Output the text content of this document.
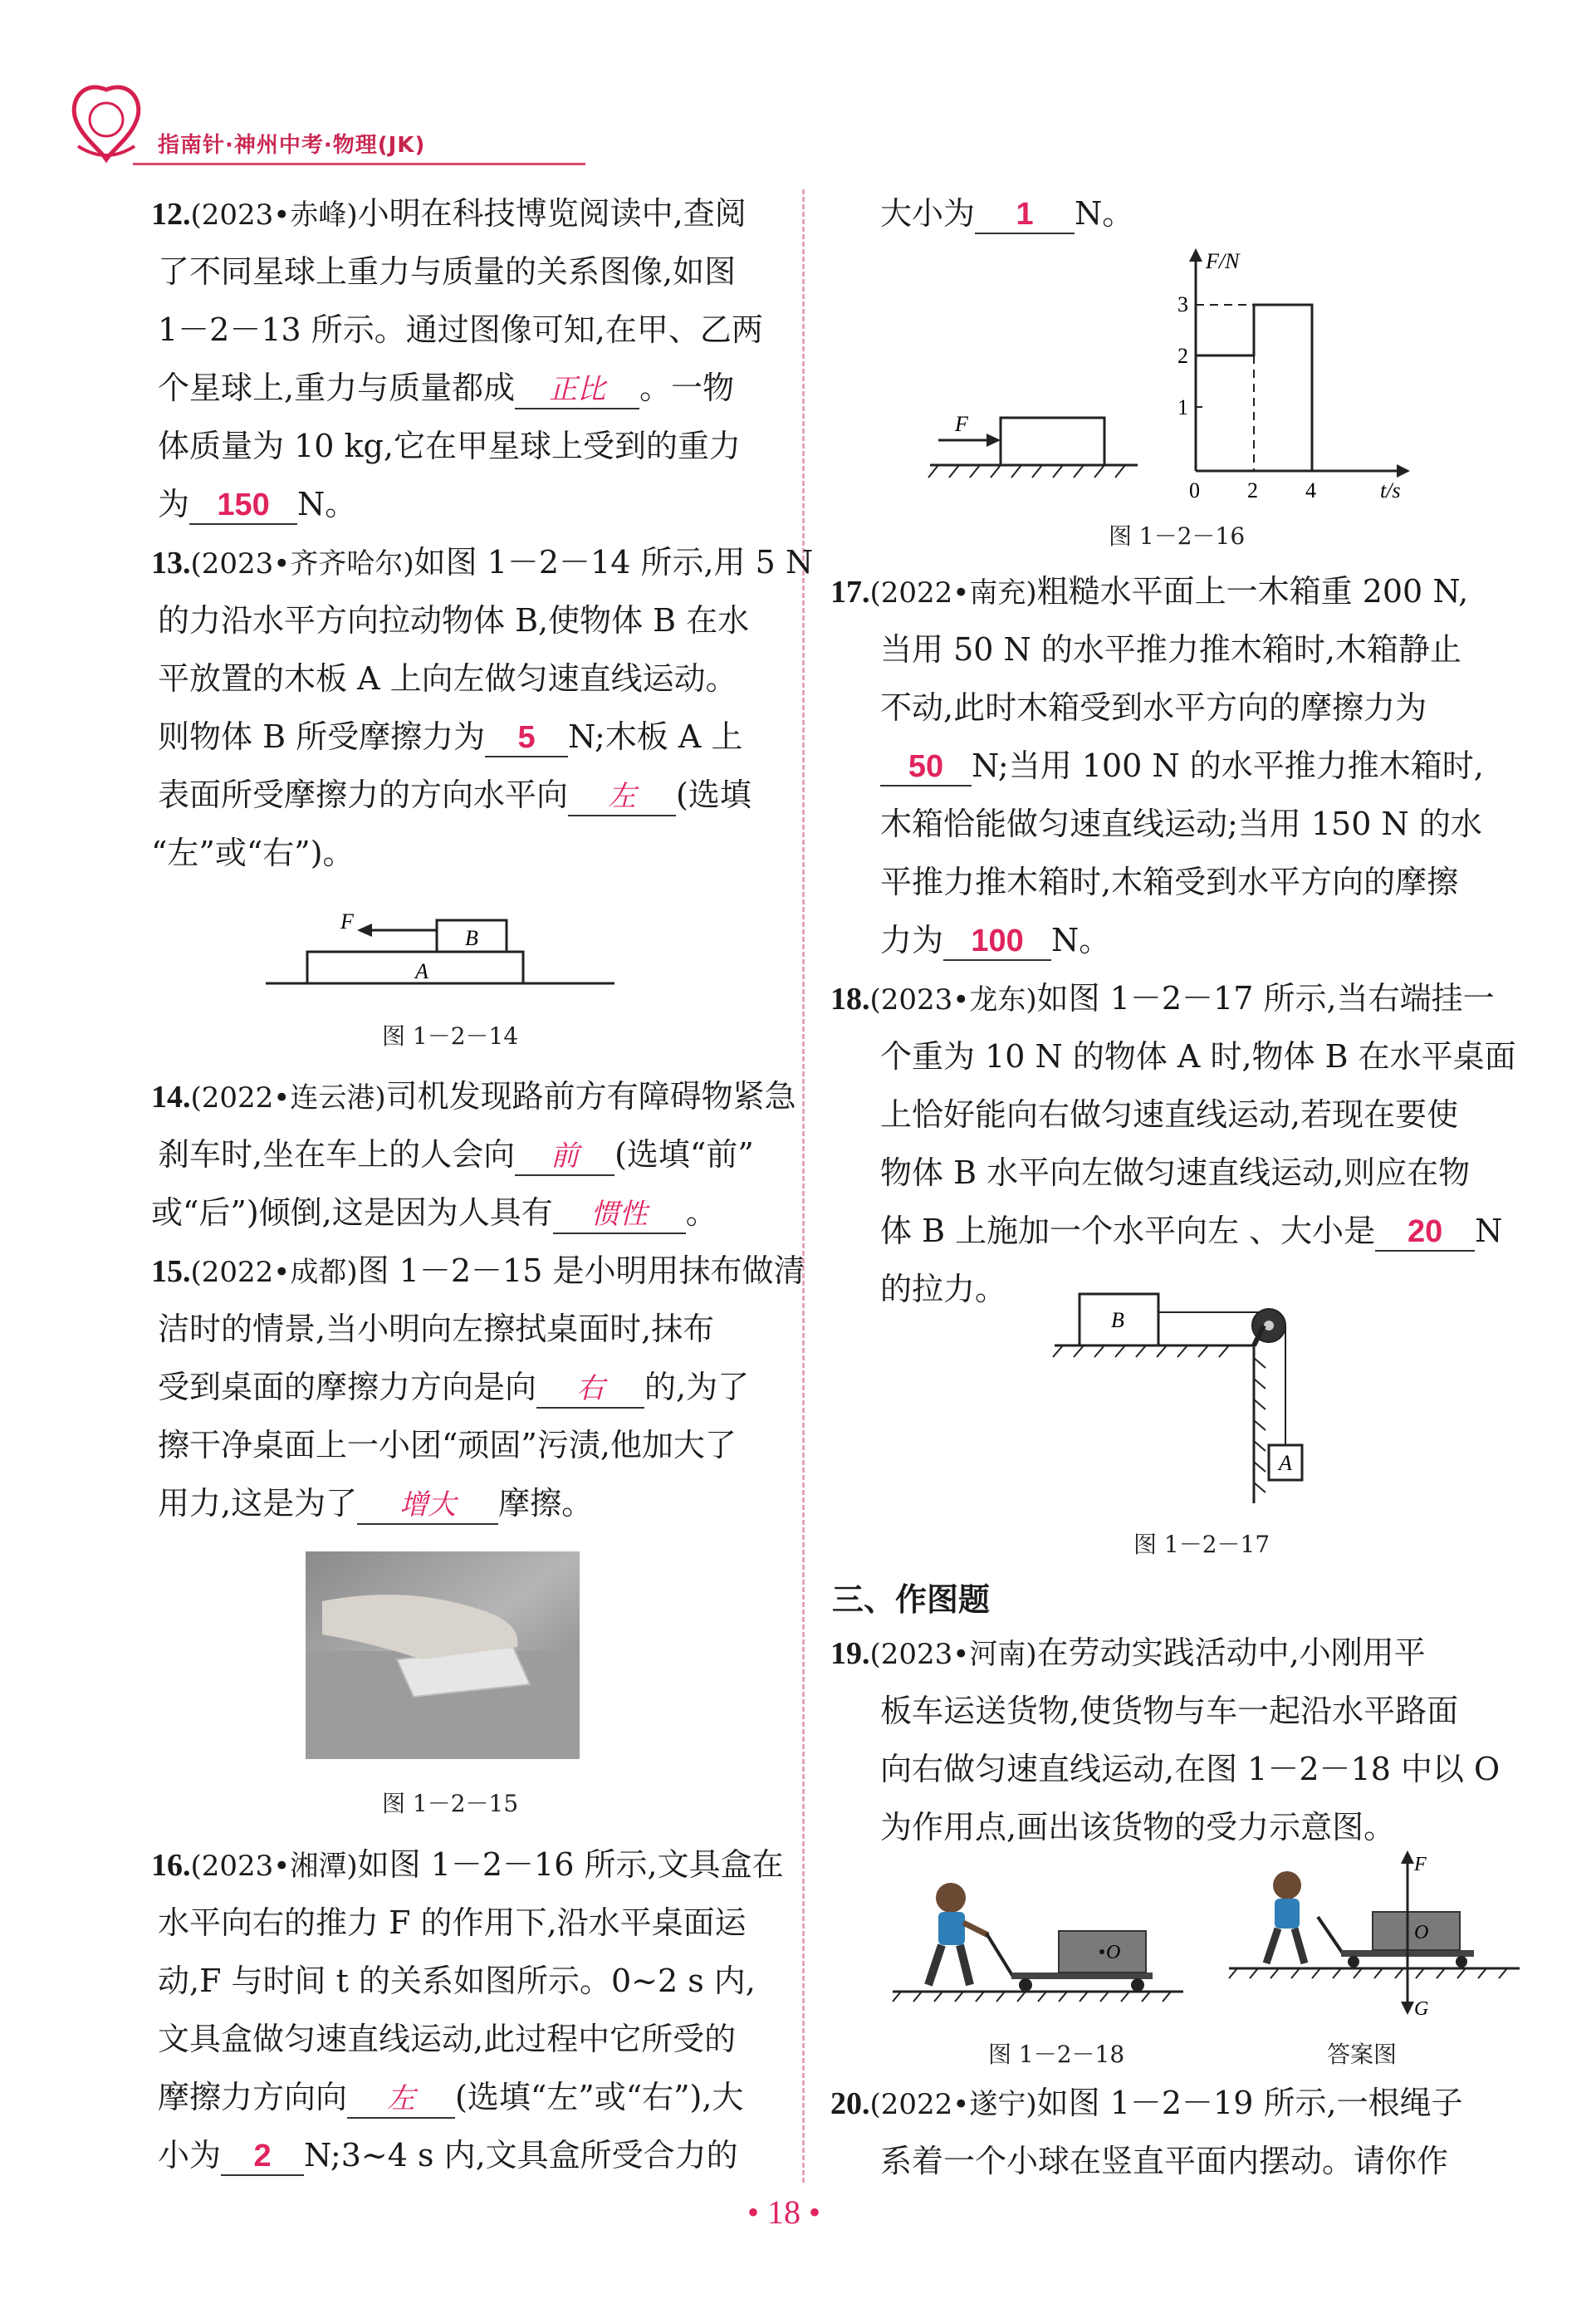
指南针·神州中考·物理(JK)
12.(2023•赤峰)小明在科技博览阅读中,查阅
了不同星球上重力与质量的关系图像,如图
1－2－13 所示。通过图像可知,在甲、乙两
个星球上,重力与质量都成 正比 。一物
体质量为 10 kg,它在甲星球上受到的重力
为 150 N。
13.(2023•齐齐哈尔)如图 1－2－14 所示,用 5 N
的力沿水平方向拉动物体 B,使物体 B 在水
平放置的木板 A 上向左做匀速直线运动。
则物体 B 所受摩擦力为 5 N;木板 A 上
表面所受摩擦力的方向水平向 左 (选填
“左”或“右”)。
F
B
A
图 1－2－14
14.(2022•连云港)司机发现路前方有障碍物紧急
刹车时,坐在车上的人会向 前 (选填“前”
或“后”)倾倒,这是因为人具有 惯性 。
15.(2022•成都)图 1－2－15 是小明用抹布做清
洁时的情景,当小明向左擦拭桌面时,抹布
受到桌面的摩擦力方向是向 右 的,为了
擦干净桌面上一小团“顽固”污渍,他加大了
用力,这是为了 增大 摩擦。
图 1－2－15
16.(2023•湘潭)如图 1－2－16 所示,文具盒在
水平向右的推力 F 的作用下,沿水平桌面运
动,F 与时间 t 的关系如图所示。0~2 s 内,
文具盒做匀速直线运动,此过程中它所受的
摩擦力方向向 左 (选填“左”或“右”),大
小为 2 N;3~4 s 内,文具盒所受合力的
大小为 1 N。
F
1
2
3
0 2 4
F/N
t/s
图 1－2－16
17.(2022•南充)粗糙水平面上一木箱重 200 N,
当用 50 N 的水平推力推木箱时,木箱静止
不动,此时木箱受到水平方向的摩擦力为
50 N;当用 100 N 的水平推力推木箱时,
木箱恰能做匀速直线运动;当用 150 N 的水
平推力推木箱时,木箱受到水平方向的摩擦
力为 100 N。
18.(2023•龙东)如图 1－2－17 所示,当右端挂一
个重为 10 N 的物体 A 时,物体 B 在水平桌面
上恰好能向右做匀速直线运动,若现在要使
物体 B 水平向左做匀速直线运动,则应在物
体 B 上施加一个水平向左 、大小是 20 N
的拉力。
B
A
图 1－2－17
三、作图题
19.(2023•河南)在劳动实践活动中,小刚用平
板车运送货物,使货物与车一起沿水平路面
向右做匀速直线运动,在图 1－2－18 中以 O
为作用点,画出该货物的受力示意图。
O
图 1－2－18
F
O
G
答案图
20.(2022•遂宁)如图 1－2－19 所示,一根绳子
系着一个小球在竖直平面内摆动。请你作
• 18 •
